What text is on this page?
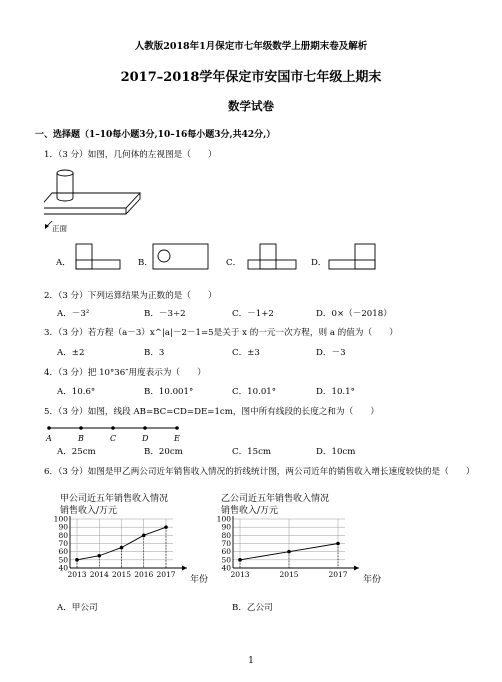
人教版2018年1月保定市七年级数学上册期末卷及解析
2017–2018学年保定市安国市七年级上期末
数学试卷
一、选择题（1–10每小题3分,10–16每小题3分,共42分,）
1．（3 分）如图，几何体的左视图是（　　）
正面
A．	B．	C．	D．
2．（3 分）下列运算结果为正数的是（　　）
A．－3²	B．－3÷2	C．－1+2	D．0×（－2018）
3．（3 分）若方程（a－3）x^|a|－2－1=5是关于 x 的一元一次方程，则 a 的值为（　　）
A．±2	B．3	C．±3	D．－3
4．（3 分）把 10°36″用度表示为（　　）
A．10.6°	B．10.001°	C．10.01°	D．10.1°
5．（3 分）如图，线段 AB=BC=CD=DE=1cm，图中所有线段的长度之和为（　　）
A	B	C	D	E
A．25cm	B．20cm	C．15cm	D．10cm
6．（3 分）如图是甲乙两公司近年销售收入情况的折线统计图，两公司近年的销售收入增长速度较快的是（　　）
甲公司近五年销售收入情况
销售收入/万元
年份
40
50
60
70
80
90
100
2013 2014 2015 2016 2017
乙公司近五年销售收入情况
销售收入/万元
年份
40
50
60
70
80
90
100
2013	2015	2017
A．甲公司	B．乙公司
1
